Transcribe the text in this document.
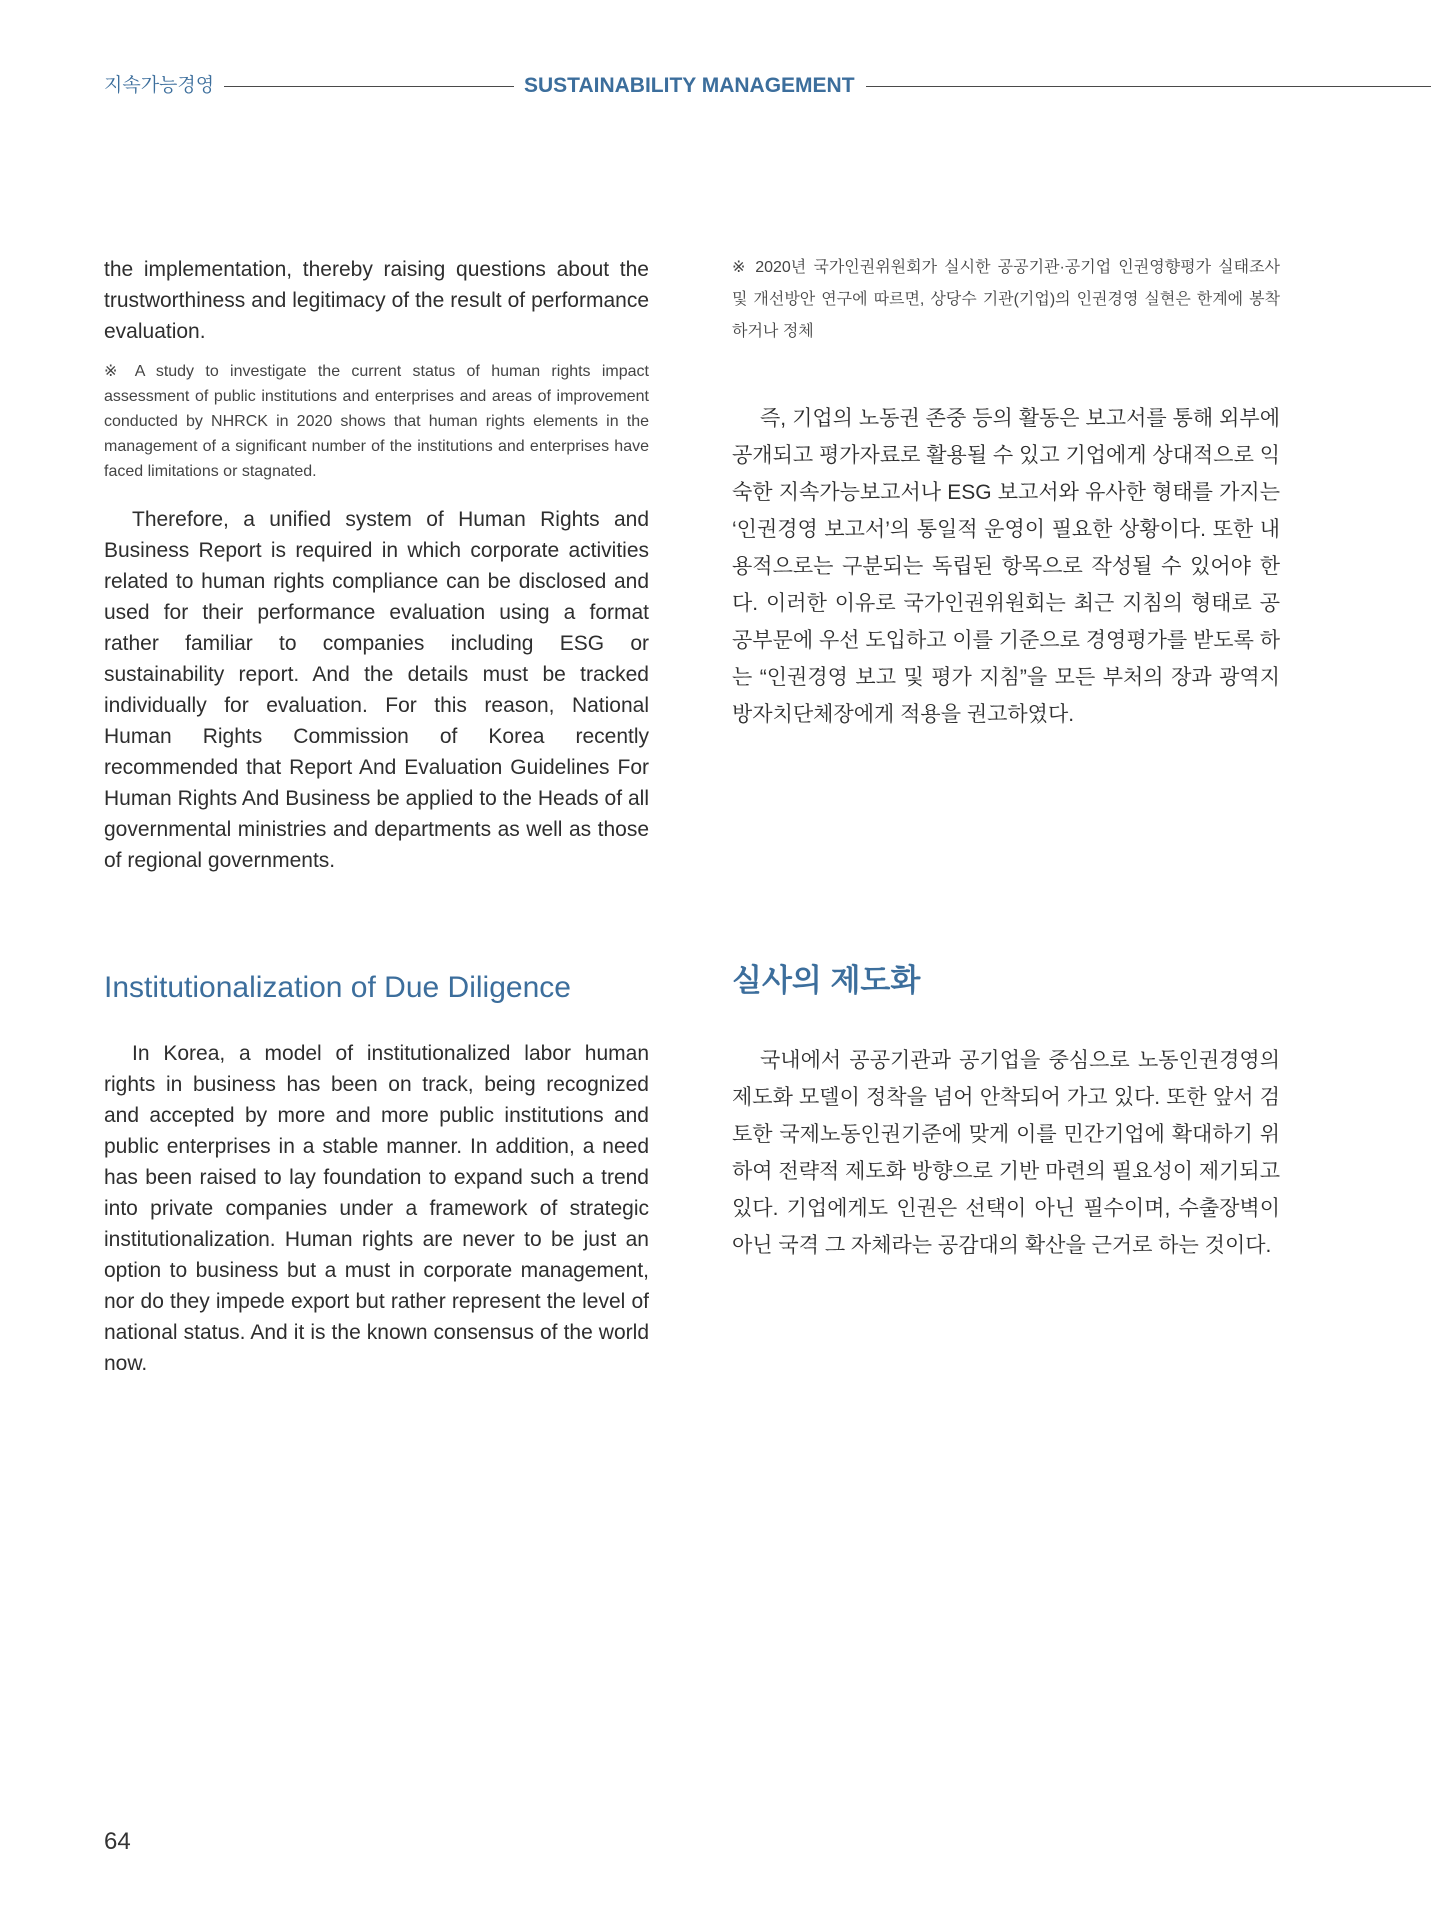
지속가능경영	SUSTAINABILITY MANAGEMENT

the implementation, thereby raising questions about the trustworthiness and legitimacy of the result of performance evaluation.

※ A study to investigate the current status of human rights impact assessment of public institutions and enterprises and areas of improvement conducted by NHRCK in 2020 shows that human rights elements in the management of a significant number of the institutions and enterprises have faced limitations or stagnated.

Therefore, a unified system of Human Rights and Business Report is required in which corporate activities related to human rights compliance can be disclosed and used for their performance evaluation using a format rather familiar to companies including ESG or sustainability report. And the details must be tracked individually for evaluation. For this reason, National Human Rights Commission of Korea recently recommended that Report And Evaluation Guidelines For Human Rights And Business be applied to the Heads of all governmental ministries and departments as well as those of regional governments.

※ 2020년 국가인권위원회가 실시한 공공기관·공기업 인권영향평가 실태조사 및 개선방안 연구에 따르면, 상당수 기관(기업)의 인권경영 실현은 한계에 봉착하거나 정체

즉, 기업의 노동권 존중 등의 활동은 보고서를 통해 외부에 공개되고 평가자료로 활용될 수 있고 기업에게 상대적으로 익숙한 지속가능보고서나 ESG 보고서와 유사한 형태를 가지는 ‘인권경영 보고서’의 통일적 운영이 필요한 상황이다. 또한 내용적으로는 구분되는 독립된 항목으로 작성될 수 있어야 한다. 이러한 이유로 국가인권위원회는 최근 지침의 형태로 공공부문에 우선 도입하고 이를 기준으로 경영평가를 받도록 하는 “인권경영 보고 및 평가 지침”을 모든 부처의 장과 광역지방자치단체장에게 적용을 권고하였다.

Institutionalization of Due Diligence

In Korea, a model of institutionalized labor human rights in business has been on track, being recognized and accepted by more and more public institutions and public enterprises in a stable manner. In addition, a need has been raised to lay foundation to expand such a trend into private companies under a framework of strategic institutionalization. Human rights are never to be just an option to business but a must in corporate management, nor do they impede export but rather represent the level of national status. And it is the known consensus of the world now.

실사의 제도화

국내에서 공공기관과 공기업을 중심으로 노동인권경영의 제도화 모델이 정착을 넘어 안착되어 가고 있다. 또한 앞서 검토한 국제노동인권기준에 맞게 이를 민간기업에 확대하기 위하여 전략적 제도화 방향으로 기반 마련의 필요성이 제기되고 있다. 기업에게도 인권은 선택이 아닌 필수이며, 수출장벽이 아닌 국격 그 자체라는 공감대의 확산을 근거로 하는 것이다.

64
